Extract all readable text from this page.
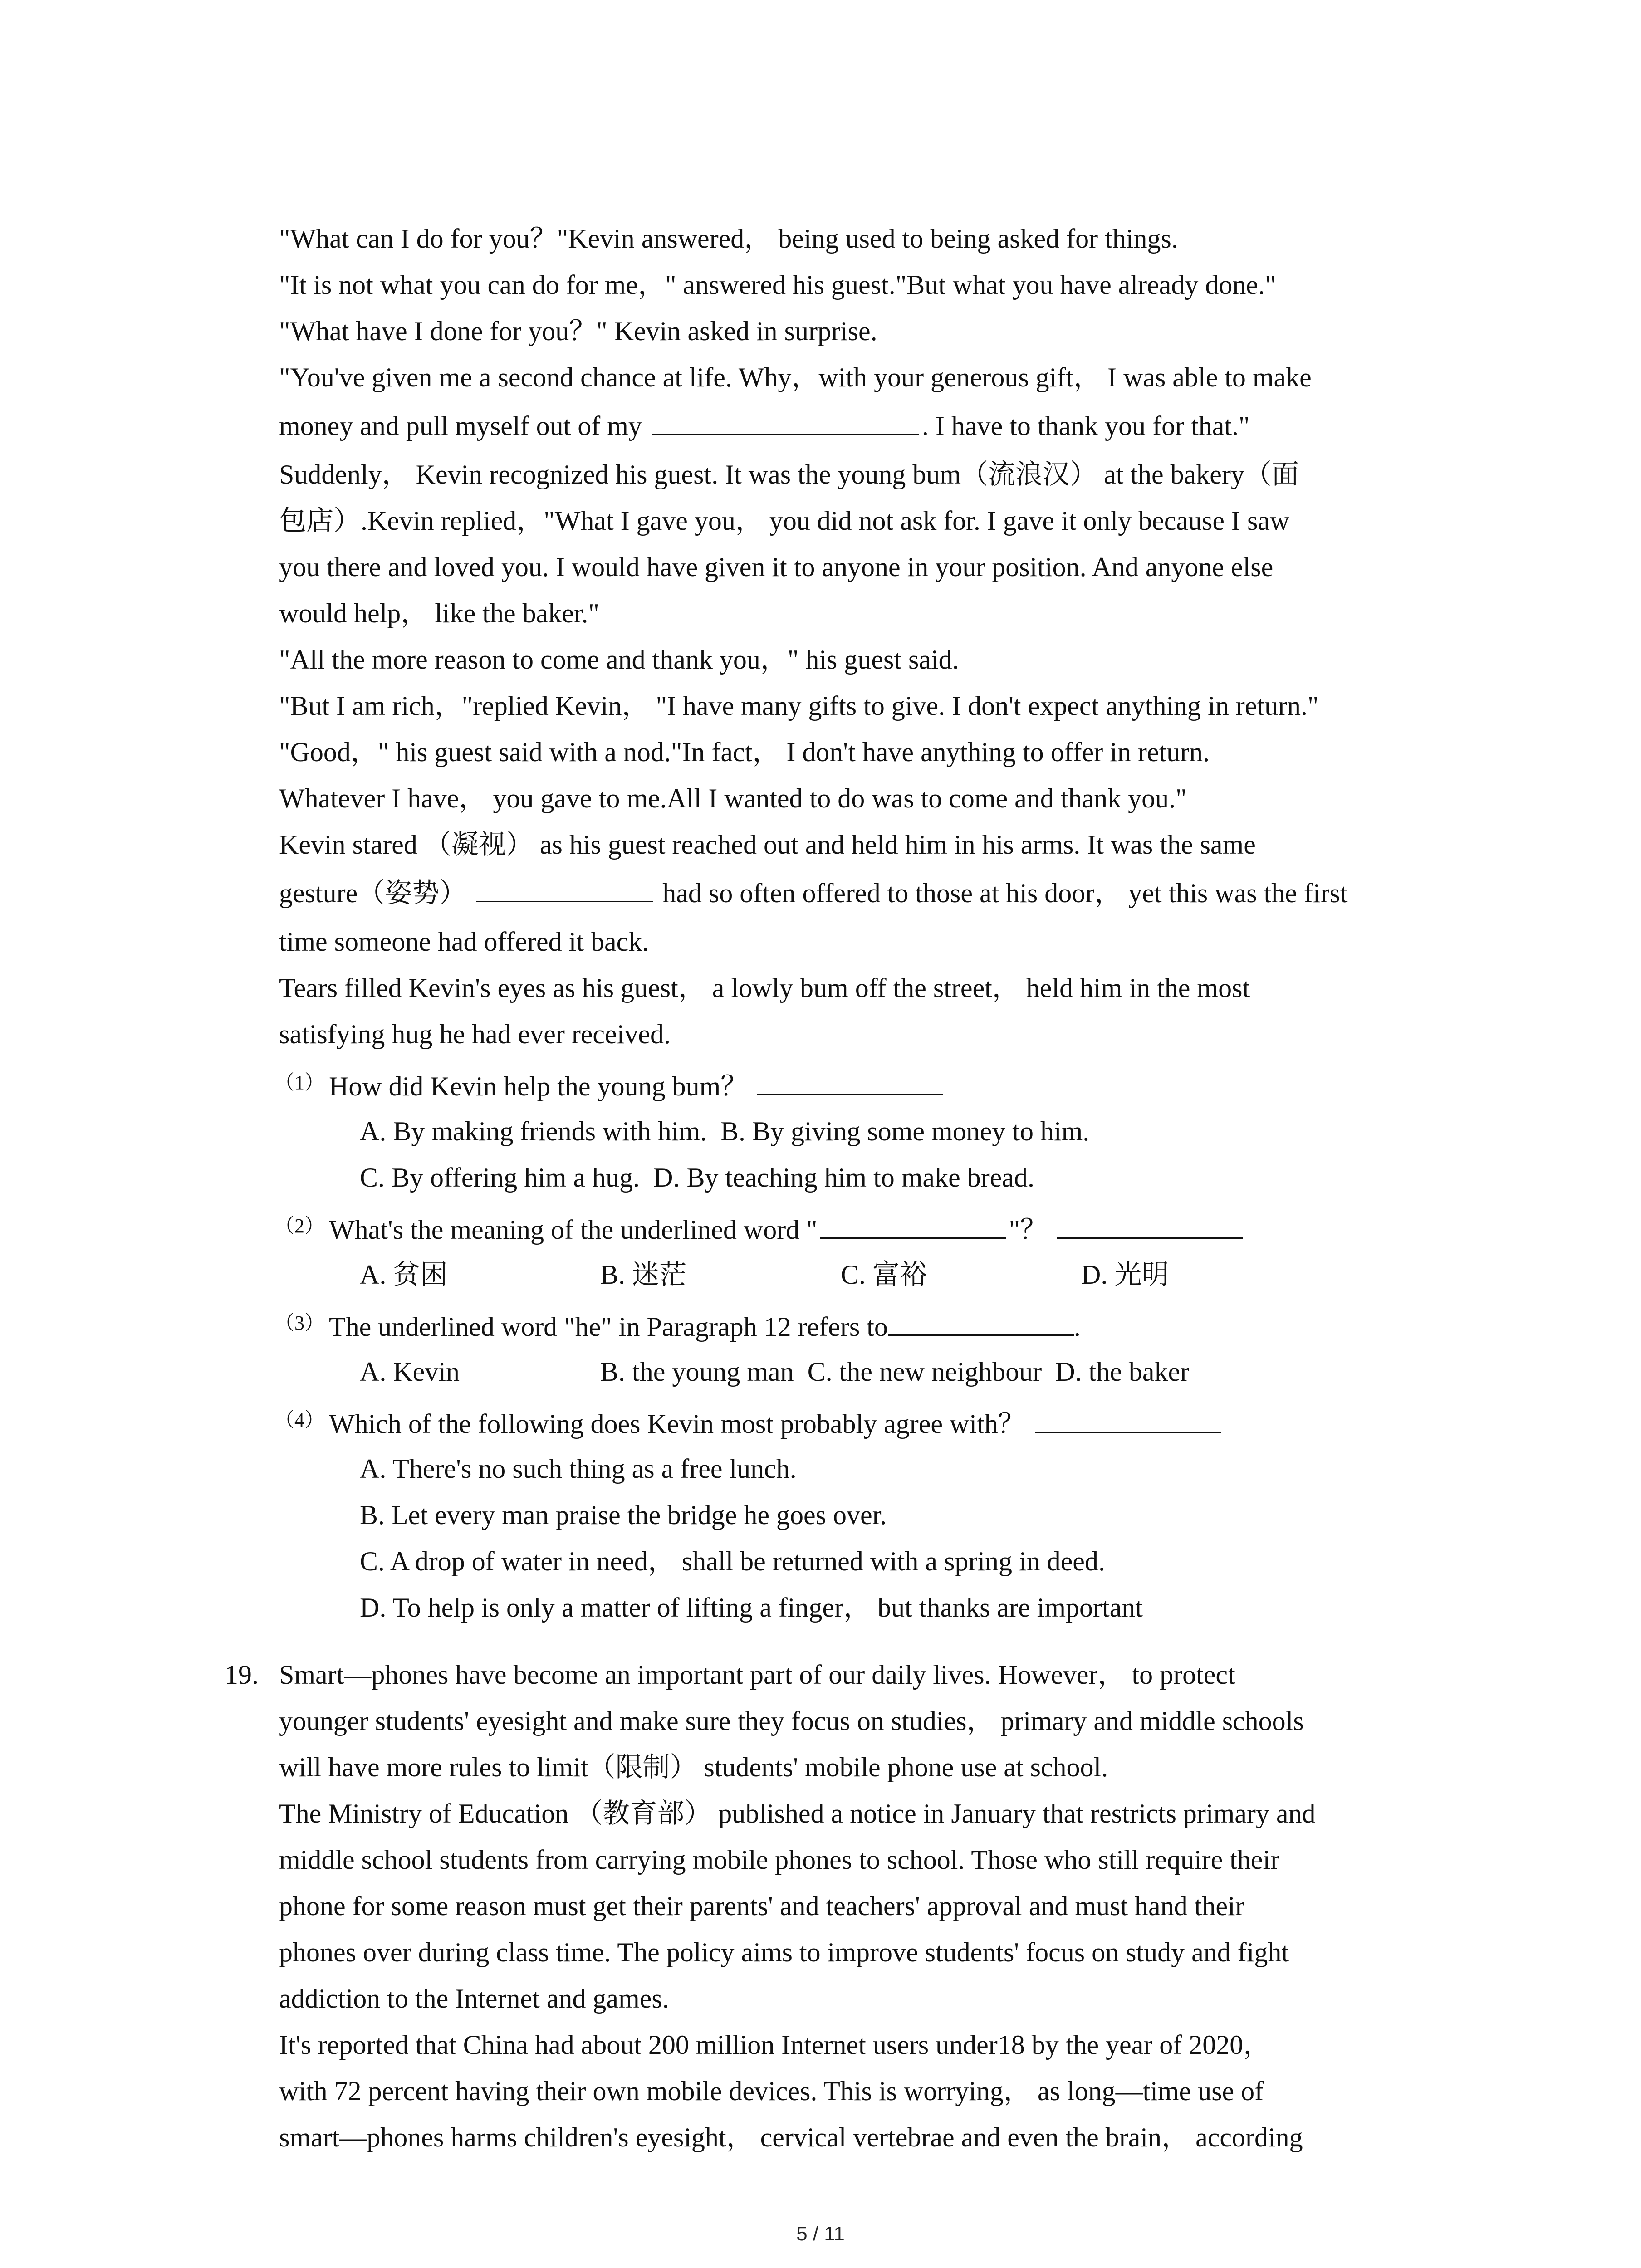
"What can I do for you？"Kevin answered， being used to being asked for things.
"It is not what you can do for me，" answered his guest."But what you have already done."
"What have I done for you？" Kevin asked in surprise.
"You've given me a second chance at life. Why，with your generous gift， I was able to make
money and pull myself out of my	. I have to thank you for that."
Suddenly， Kevin recognized his guest. It was the young bum（流浪汉） at the bakery（面
包店）.Kevin replied，"What I gave you， you did not ask for. I gave it only because I saw
you there and loved you. I would have given it to anyone in your position. And anyone else
would help， like the baker."
"All the more reason to come and thank you，" his guest said.
"But I am rich，"replied Kevin， "I have many gifts to give. I don't expect anything in return."
"Good，" his guest said with a nod."In fact， I don't have anything to offer in return.
Whatever I have， you gave to me.All I wanted to do was to come and thank you."
Kevin stared （凝视） as his guest reached out and held him in his arms. It was the same
gesture（姿势）	had so often offered to those at his door， yet this was the first
time someone had offered it back.
Tears filled Kevin's eyes as his guest， a lowly bum off the street， held him in the most
satisfying hug he had ever received.
（1） How did Kevin help the young bum？
A. By making friends with him. B. By giving some money to him.
C. By offering him a hug. D. By teaching him to make bread.
（2） What's the meaning of the underlined word "	"？
A. 贫困	B. 迷茫	C. 富裕	D. 光明
（3） The underlined word "he" in Paragraph 12 refers to	.
A. Kevin	B. the young man C. the new neighbour D. the baker
（4） Which of the following does Kevin most probably agree with？
A. There's no such thing as a free lunch.
B. Let every man praise the bridge he goes over.
C. A drop of water in need， shall be returned with a spring in deed.
D. To help is only a matter of lifting a finger， but thanks are important
19. Smart—phones have become an important part of our daily lives. However， to protect
younger students' eyesight and make sure they focus on studies， primary and middle schools
will have more rules to limit（限制） students' mobile phone use at school.
The Ministry of Education （教育部） published a notice in January that restricts primary and
middle school students from carrying mobile phones to school. Those who still require their
phone for some reason must get their parents' and teachers' approval and must hand their
phones over during class time. The policy aims to improve students' focus on study and fight
addiction to the Internet and games.
It's reported that China had about 200 million Internet users under18 by the year of 2020，
with 72 percent having their own mobile devices. This is worrying， as long—time use of
smart—phones harms children's eyesight， cervical vertebrae and even the brain， according
5 / 11
